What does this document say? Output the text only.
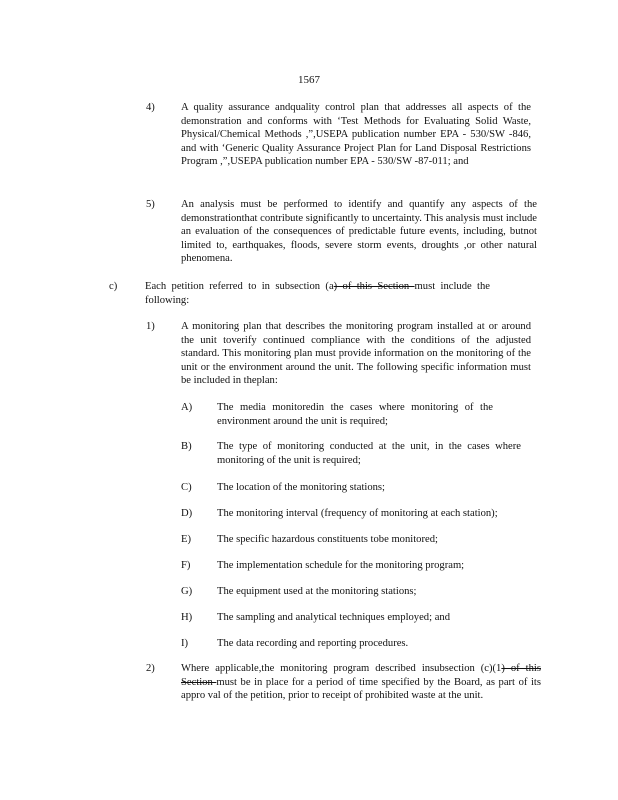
1567
4) A quality assurance andquality control plan that addresses all aspects of the demonstration and conforms with ‘Test Methods for Evaluating Solid Waste, Physical/Chemical Methods ,”,USEPA publication number EPA - 530/SW -846, and with ‘Generic Quality Assurance Project Plan for Land Disposal Restrictions Program ,”,USEPA publication number EPA - 530/SW -87-011; and
5) An analysis must be performed to identify and quantify any aspects of the demonstrationthat contribute significantly to uncertainty. This analysis must include an evaluation of the consequences of predictable future events, including, butnot limited to, earthquakes, floods, severe storm events, droughts ,or other natural phenomena.
c)	Each petition referred to in subsection (a) of this Section must include the following:
1) A monitoring plan that describes the monitoring program installed at or around the unit toverify continued compliance with the conditions of the adjusted standard. This monitoring plan must provide information on the monitoring of the unit or the environment around the unit. The following specific information must be included in theplan:
A) The media monitoredin the cases where monitoring of the environment around the unit is required;
B) The type of monitoring conducted at the unit, in the cases where monitoring of the unit is required;
C) The location of the monitoring stations;
D) The monitoring interval (frequency of monitoring at each station);
E) The specific hazardous constituents tobe monitored;
F)	The implementation schedule for the monitoring program;
G) The equipment used at the monitoring stations;
H) The sampling and analytical techniques employed; and
I)	The data recording and reporting procedures.
2) Where applicable,the monitoring program described insubsection (c)(1) of this Section must be in place for a period of time specified by the Board, as part of its appro val of the petition, prior to receipt of prohibited waste at the unit.
